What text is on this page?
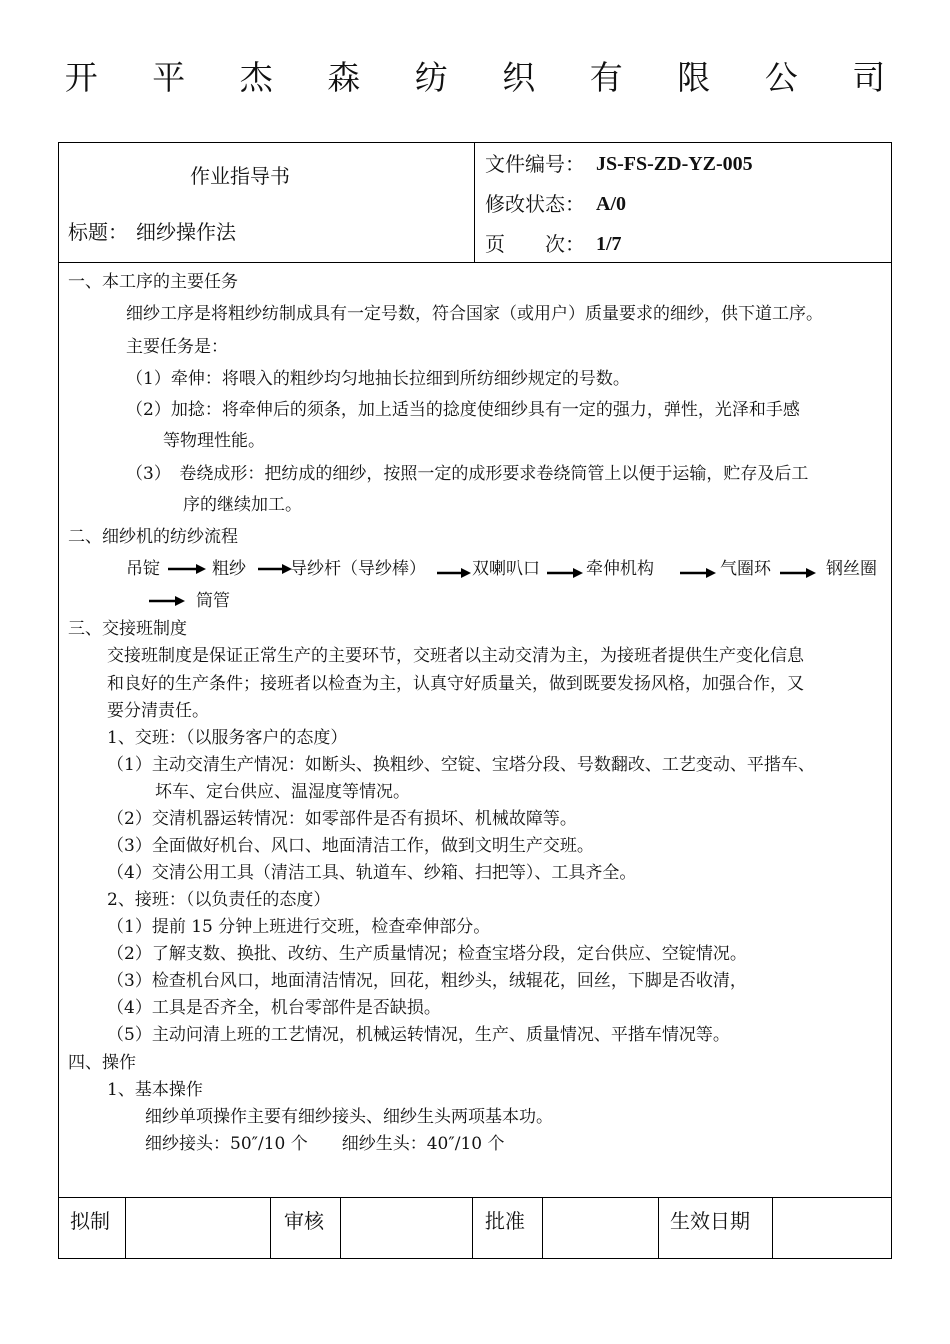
开 平 杰 森 纺 织 有 限 公 司
作业指导书
标题： 细纱操作法
文件编号： JS-FS-ZD-YZ-005
修改状态： A/0
页　　次： 1/7
一、本工序的主要任务
细纱工序是将粗纱纺制成具有一定号数，符合国家（或用户）质量要求的细纱，供下道工序。
主要任务是：
（1）牵伸：将喂入的粗纱均匀地抽长拉细到所纺细纱规定的号数。
（2）加捻：将牵伸后的须条，加上适当的捻度使细纱具有一定的强力，弹性，光泽和手感
等物理性能。
（3）　卷绕成形：把纺成的细纱，按照一定的成形要求卷绕筒管上以便于运输，贮存及后工
序的继续加工。
二、细纱机的纺纱流程
吊锭	粗纱	导纱杆（导纱棒）	双喇叭口	牵伸机构	气圈环	钢丝圈
筒管
三、交接班制度
交接班制度是保证正常生产的主要环节，交班者以主动交清为主，为接班者提供生产变化信息
和良好的生产条件；接班者以检查为主，认真守好质量关，做到既要发扬风格，加强合作，又
要分清责任。
1、交班：（以服务客户的态度）
（1）主动交清生产情况：如断头、换粗纱、空锭、宝塔分段、号数翻改、工艺变动、平揩车、
坏车、定台供应、温湿度等情况。
（2）交清机器运转情况：如零部件是否有损坏、机械故障等。
（3）全面做好机台、风口、地面清洁工作，做到文明生产交班。
（4）交清公用工具（清洁工具、轨道车、纱箱、扫把等）、工具齐全。
2、接班：（以负责任的态度）
（1）提前 15 分钟上班进行交班，检查牵伸部分。
（2）了解支数、换批、改纺、生产质量情况；检查宝塔分段，定台供应、空锭情况。
（3）检查机台风口，地面清洁情况，回花，粗纱头，绒辊花，回丝，下脚是否收清，
（4）工具是否齐全，机台零部件是否缺损。
（5）主动问清上班的工艺情况，机械运转情况，生产、质量情况、平揩车情况等。
四、操作
1、基本操作
细纱单项操作主要有细纱接头、细纱生头两项基本功。
细纱接头：50″/10 个　　细纱生头：40″/10 个
拟制	审核	批准	生效日期
